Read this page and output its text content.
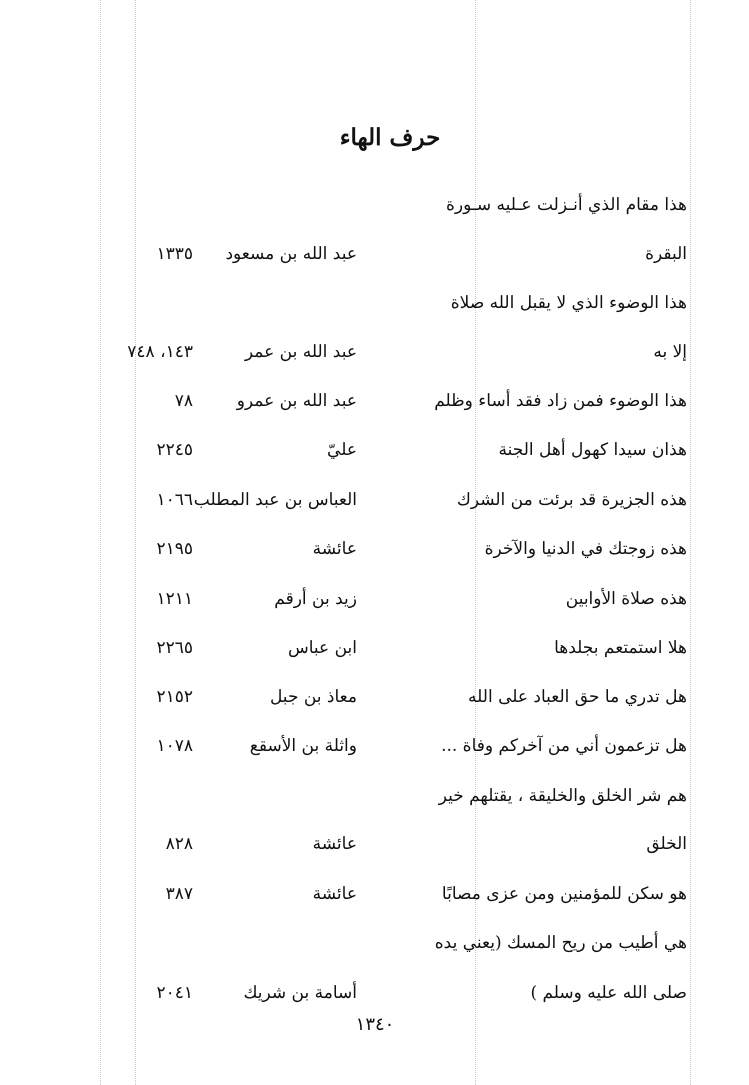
حرف الهاء
هذا مقام الذي أنـزلت عـليه سـورة
البقرة
عبد الله بن مسعود
١٣٣٥
هذا الوضوء الذي لا يقبل الله صلاة
إلا به
عبد الله بن عمر
١٤٣، ٧٤٨
هذا الوضوء فمن زاد فقد أساء وظلم
عبد الله بن عمرو
٧٨
هذان سيدا كهول أهل الجنة
عليّ
٢٢٤٥
هذه الجزيرة قد برئت من الشرك
العباس بن عبد المطلب
١٠٦٦
هذه زوجتك في الدنيا والآخرة
عائشة
٢١٩٥
هذه صلاة الأوابين
زيد بن أرقم
١٢١١
هلا استمتعم بجلدها
ابن عباس
٢٢٦٥
هل تدري ما حق العباد على الله
معاذ بن جبل
٢١٥٢
هل تزعمون أني من آخركم وفاة ...
واثلة بن الأسقع
١٠٧٨
هم شر الخلق والخليقة ، يقتلهم خير
الخلق
عائشة
٨٢٨
هو سكن للمؤمنين ومن عزى مصابًا
عائشة
٣٨٧
هي أطيب من ريح المسك (يعني يده
صلى الله عليه وسلم )
أسامة بن شريك
٢٠٤١
١٣٤٠
